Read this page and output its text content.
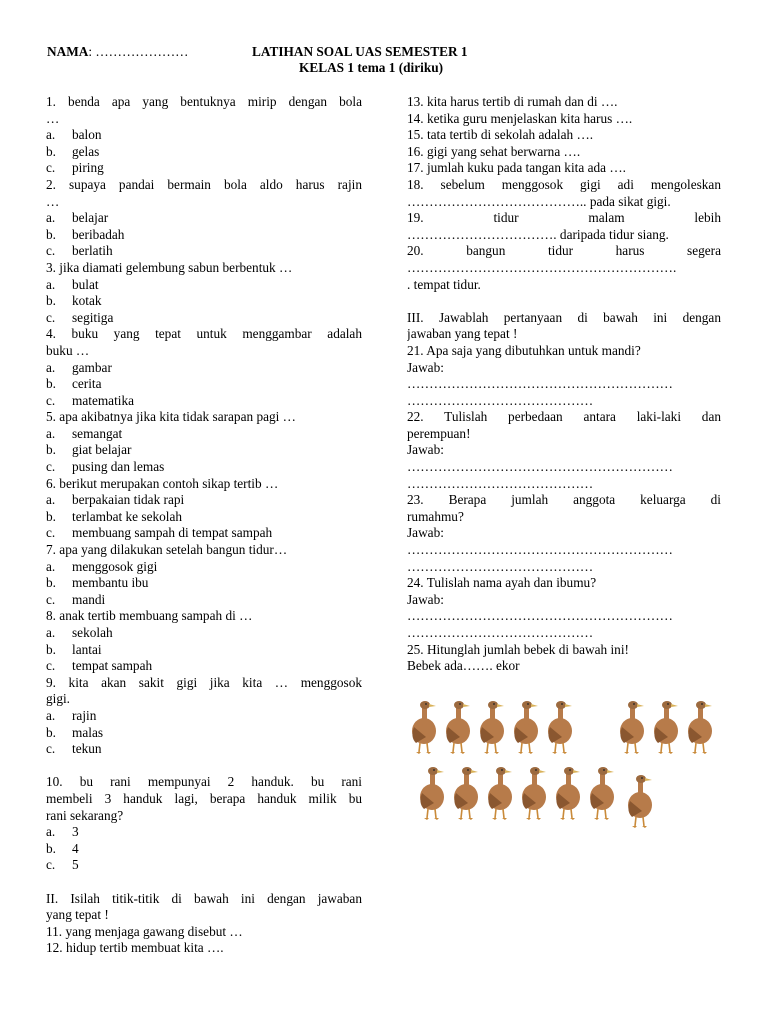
NAMA: …………………	LATIHAN SOAL UAS SEMESTER 1
KELAS 1 tema 1 (diriku)
1. benda apa yang bentuknya mirip dengan bola
…
a. balon
b. gelas
c. piring
2. supaya pandai bermain bola aldo harus rajin
…
a. belajar
b. beribadah
c. berlatih
3. jika diamati gelembung sabun berbentuk …
a. bulat
b. kotak
c. segitiga
4. buku yang tepat untuk menggambar adalah
buku …
a. gambar
b. cerita
c. matematika
5. apa akibatnya jika kita tidak sarapan pagi …
a. semangat
b. giat belajar
c. pusing dan lemas
6. berikut merupakan contoh sikap tertib …
a. berpakaian tidak rapi
b. terlambat ke sekolah
c. membuang sampah di tempat sampah
7. apa yang dilakukan setelah bangun tidur…
a. menggosok gigi
b. membantu ibu
c. mandi
8. anak tertib membuang sampah di …
a. sekolah
b. lantai
c. tempat sampah
9. kita akan sakit gigi jika kita … menggosok
gigi.
a. rajin
b. malas
c. tekun
10. bu rani mempunyai 2 handuk. bu rani
membeli 3 handuk lagi, berapa handuk milik bu
rani sekarang?
a. 3
b. 4
c. 5
II. Isilah titik-titik di bawah ini dengan jawaban
yang tepat !
11. yang menjaga gawang disebut …
12. hidup tertib membuat kita ….
13. kita harus tertib di rumah dan di ….
14. ketika guru menjelaskan kita harus ….
15. tata tertib di sekolah adalah ….
16. gigi yang sehat berwarna ….
17. jumlah kuku pada tangan kita ada ….
18. sebelum menggosok gigi adi mengoleskan
………………………………….. pada sikat gigi.
19. tidur malam lebih
……………………………. daripada tidur siang.
20. bangun tidur harus segera
…………………………………………………….
. tempat tidur.
III. Jawablah pertanyaan di bawah ini dengan
jawaban yang tepat !
21. Apa saja yang dibutuhkan untuk mandi?
Jawab:
……………………………………………………
……………………………………
22. Tulislah perbedaan antara laki-laki dan
perempuan!
Jawab:
……………………………………………………
……………………………………
23. Berapa jumlah anggota keluarga di
rumahmu?
Jawab:
……………………………………………………
……………………………………
24. Tulislah nama ayah dan ibumu?
Jawab:
……………………………………………………
……………………………………
25. Hitunglah jumlah bebek di bawah ini!
Bebek ada……. ekor
